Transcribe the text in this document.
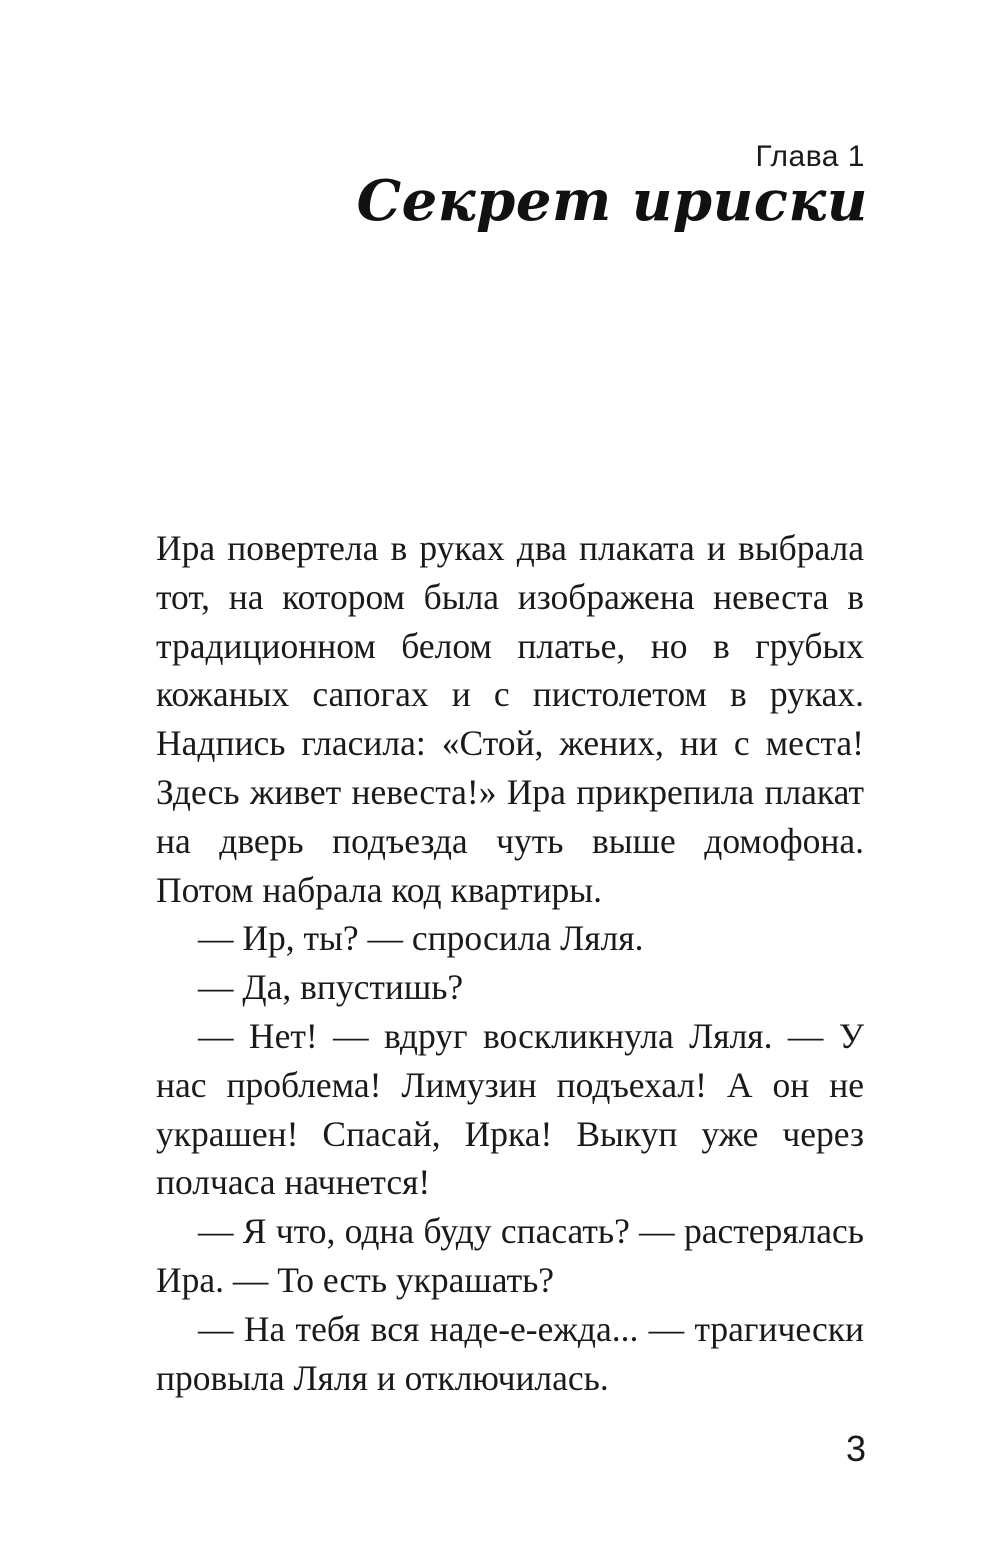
Глава 1
Секрет ириски

Ира повертела в руках два плаката и выбрала тот, на котором была изображена невеста в традиционном белом платье, но в грубых кожаных сапогах и с пистолетом в руках. Надпись гласила: «Стой, жених, ни с места! Здесь живет невеста!» Ира прикрепила плакат на дверь подъезда чуть выше домофона. Потом набрала код квартиры.

— Ир, ты? — спросила Ляля.

— Да, впустишь?

— Нет! — вдруг воскликнула Ляля. — У нас проблема! Лимузин подъехал! А он не украшен! Спасай, Ирка! Выкуп уже через полчаса начнется!

— Я что, одна буду спасать? — растерялась Ира. — То есть украшать?

— На тебя вся наде-е-ежда... — трагически провыла Ляля и отключилась.

3
